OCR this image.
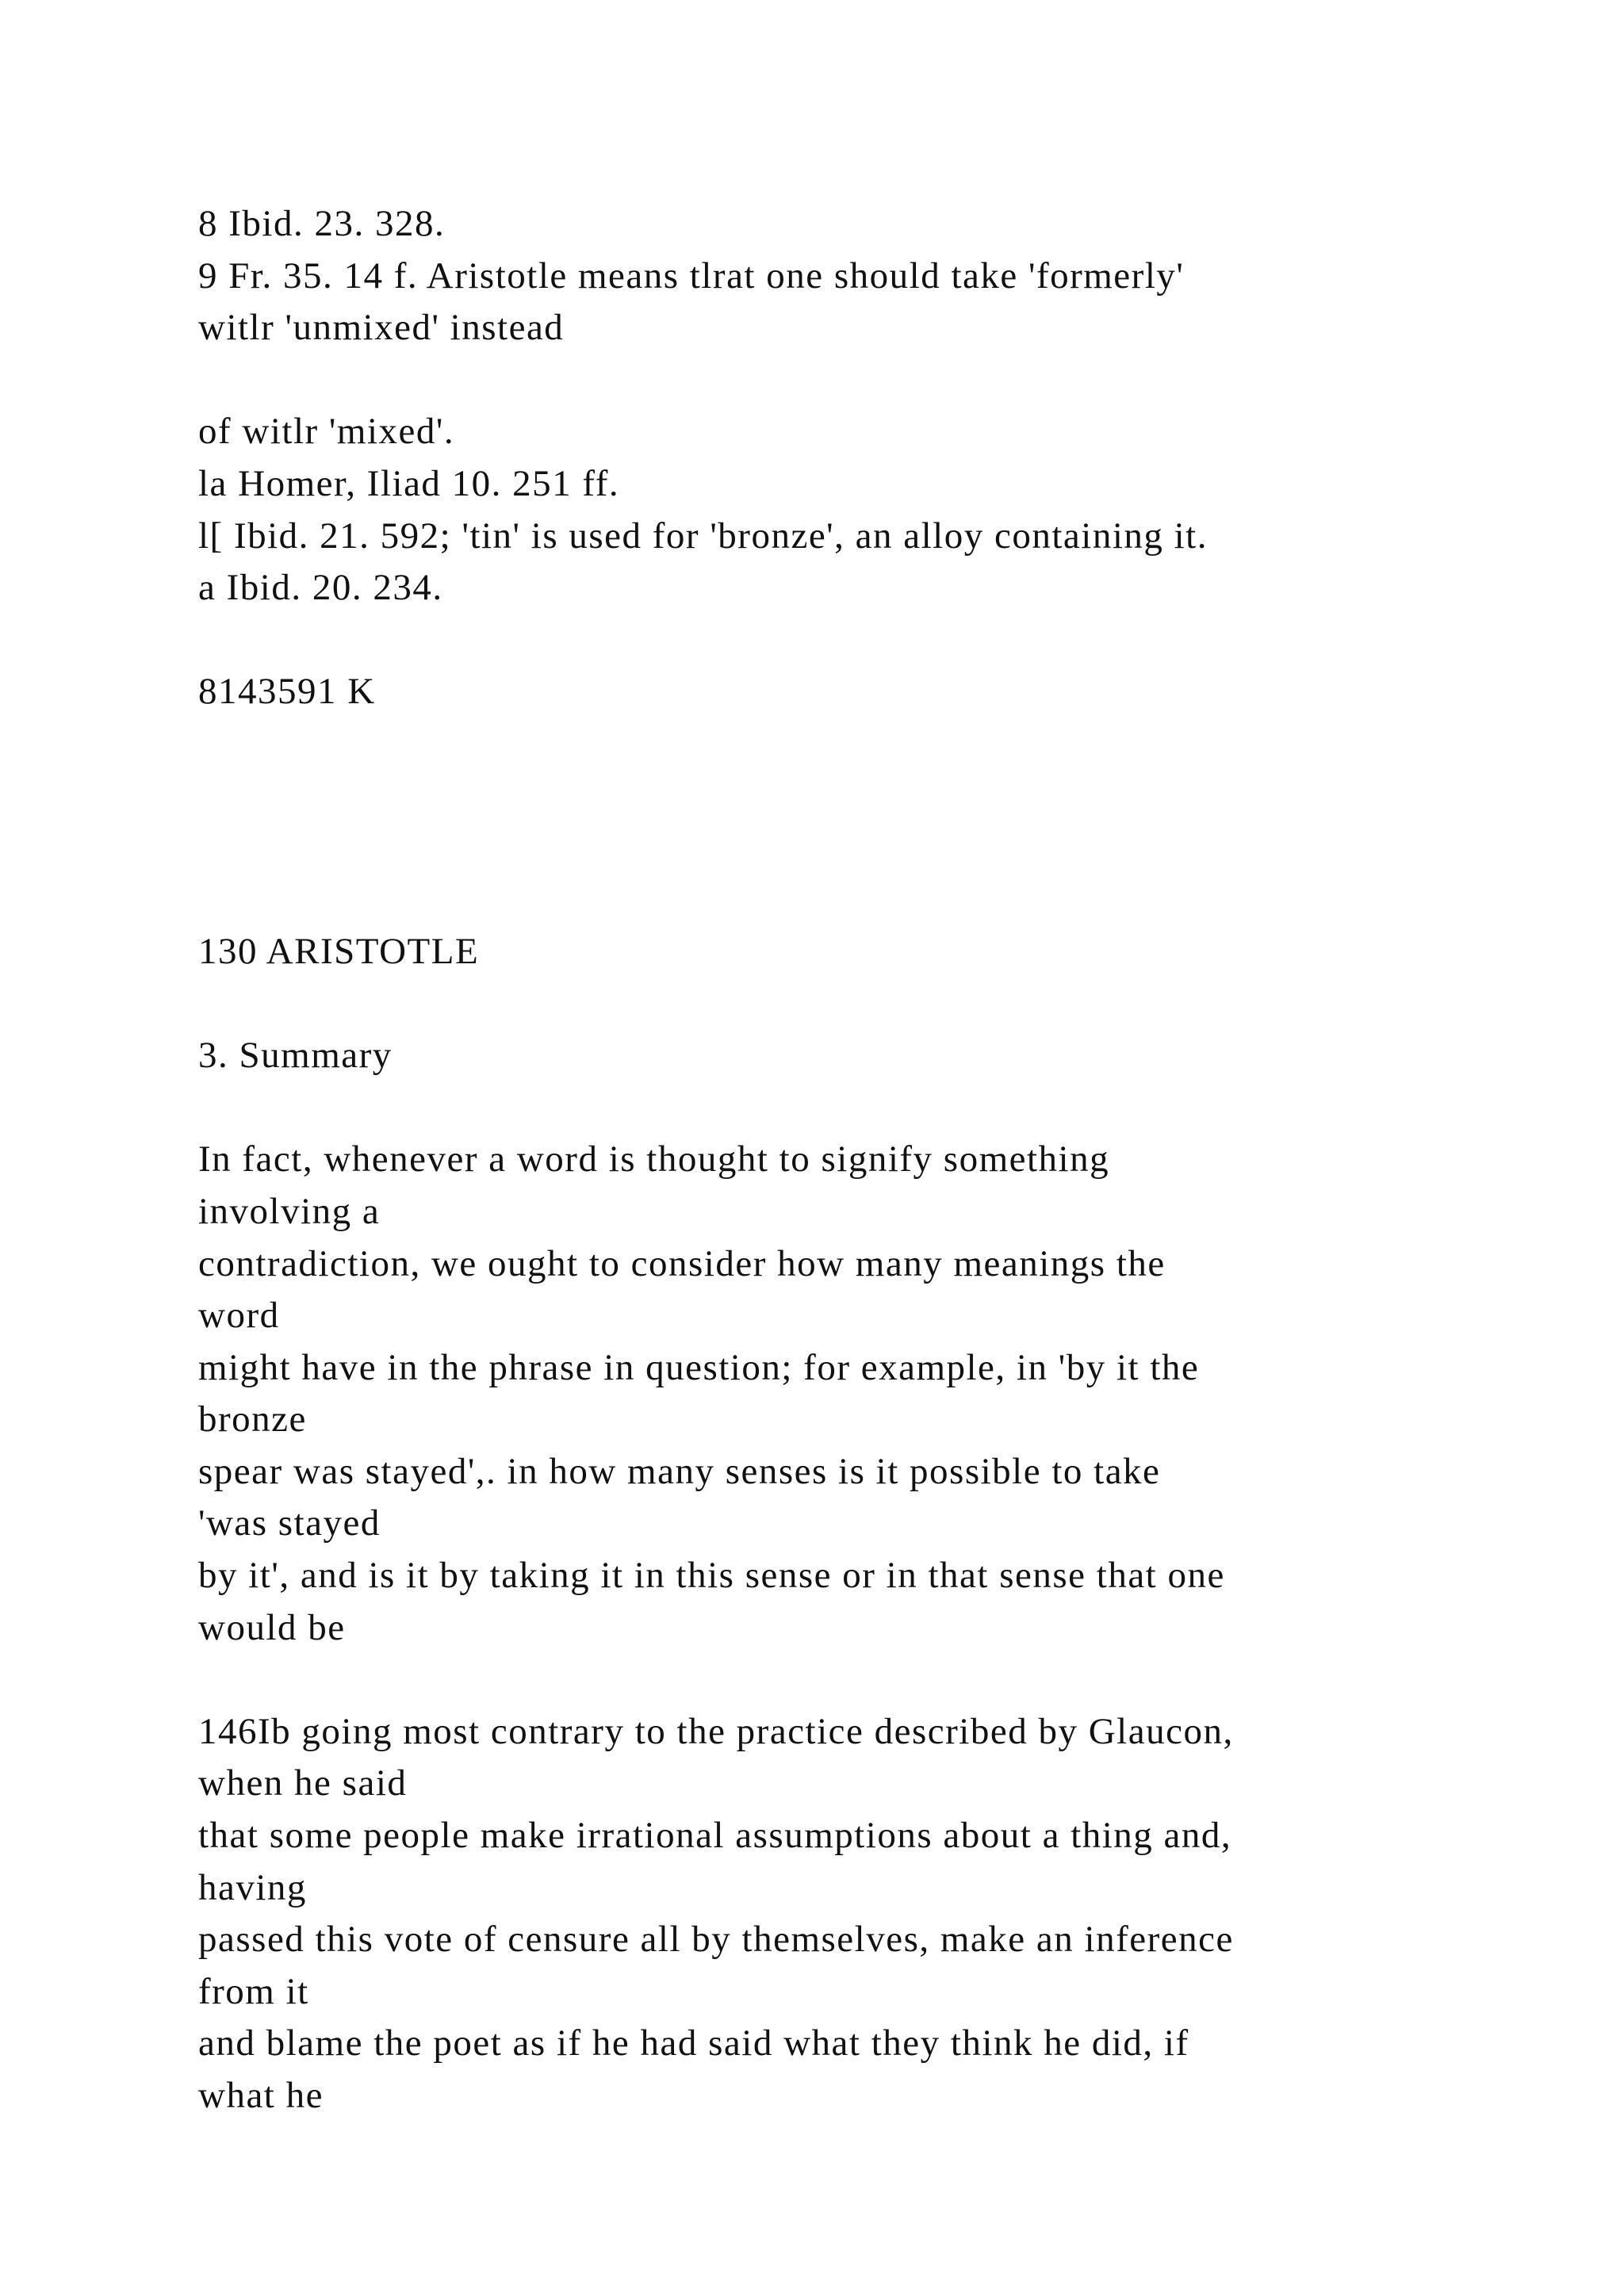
8 Ibid. 23. 328.
9 Fr. 35. 14 f. Aristotle means tlrat one should take 'formerly'
witlr 'unmixed' instead
of witlr 'mixed'.
la Homer, Iliad 10. 251 ff.
l[ Ibid. 21. 592; 'tin' is used for 'bronze', an alloy containing it.
a Ibid. 20. 234.
8143591 K
130 ARISTOTLE
3. Summary
In fact, whenever a word is thought to signify something
involving a
contradiction, we ought to consider how many meanings the
word
might have in the phrase in question; for example, in 'by it the
bronze
spear was stayed',. in how many senses is it possible to take
'was stayed
by it', and is it by taking it in this sense or in that sense that one
would be
146Ib going most contrary to the practice described by Glaucon,
when he said
that some people make irrational assumptions about a thing and,
having
passed this vote of censure all by themselves, make an inference
from it
and blame the poet as if he had said what they think he did, if
what he
